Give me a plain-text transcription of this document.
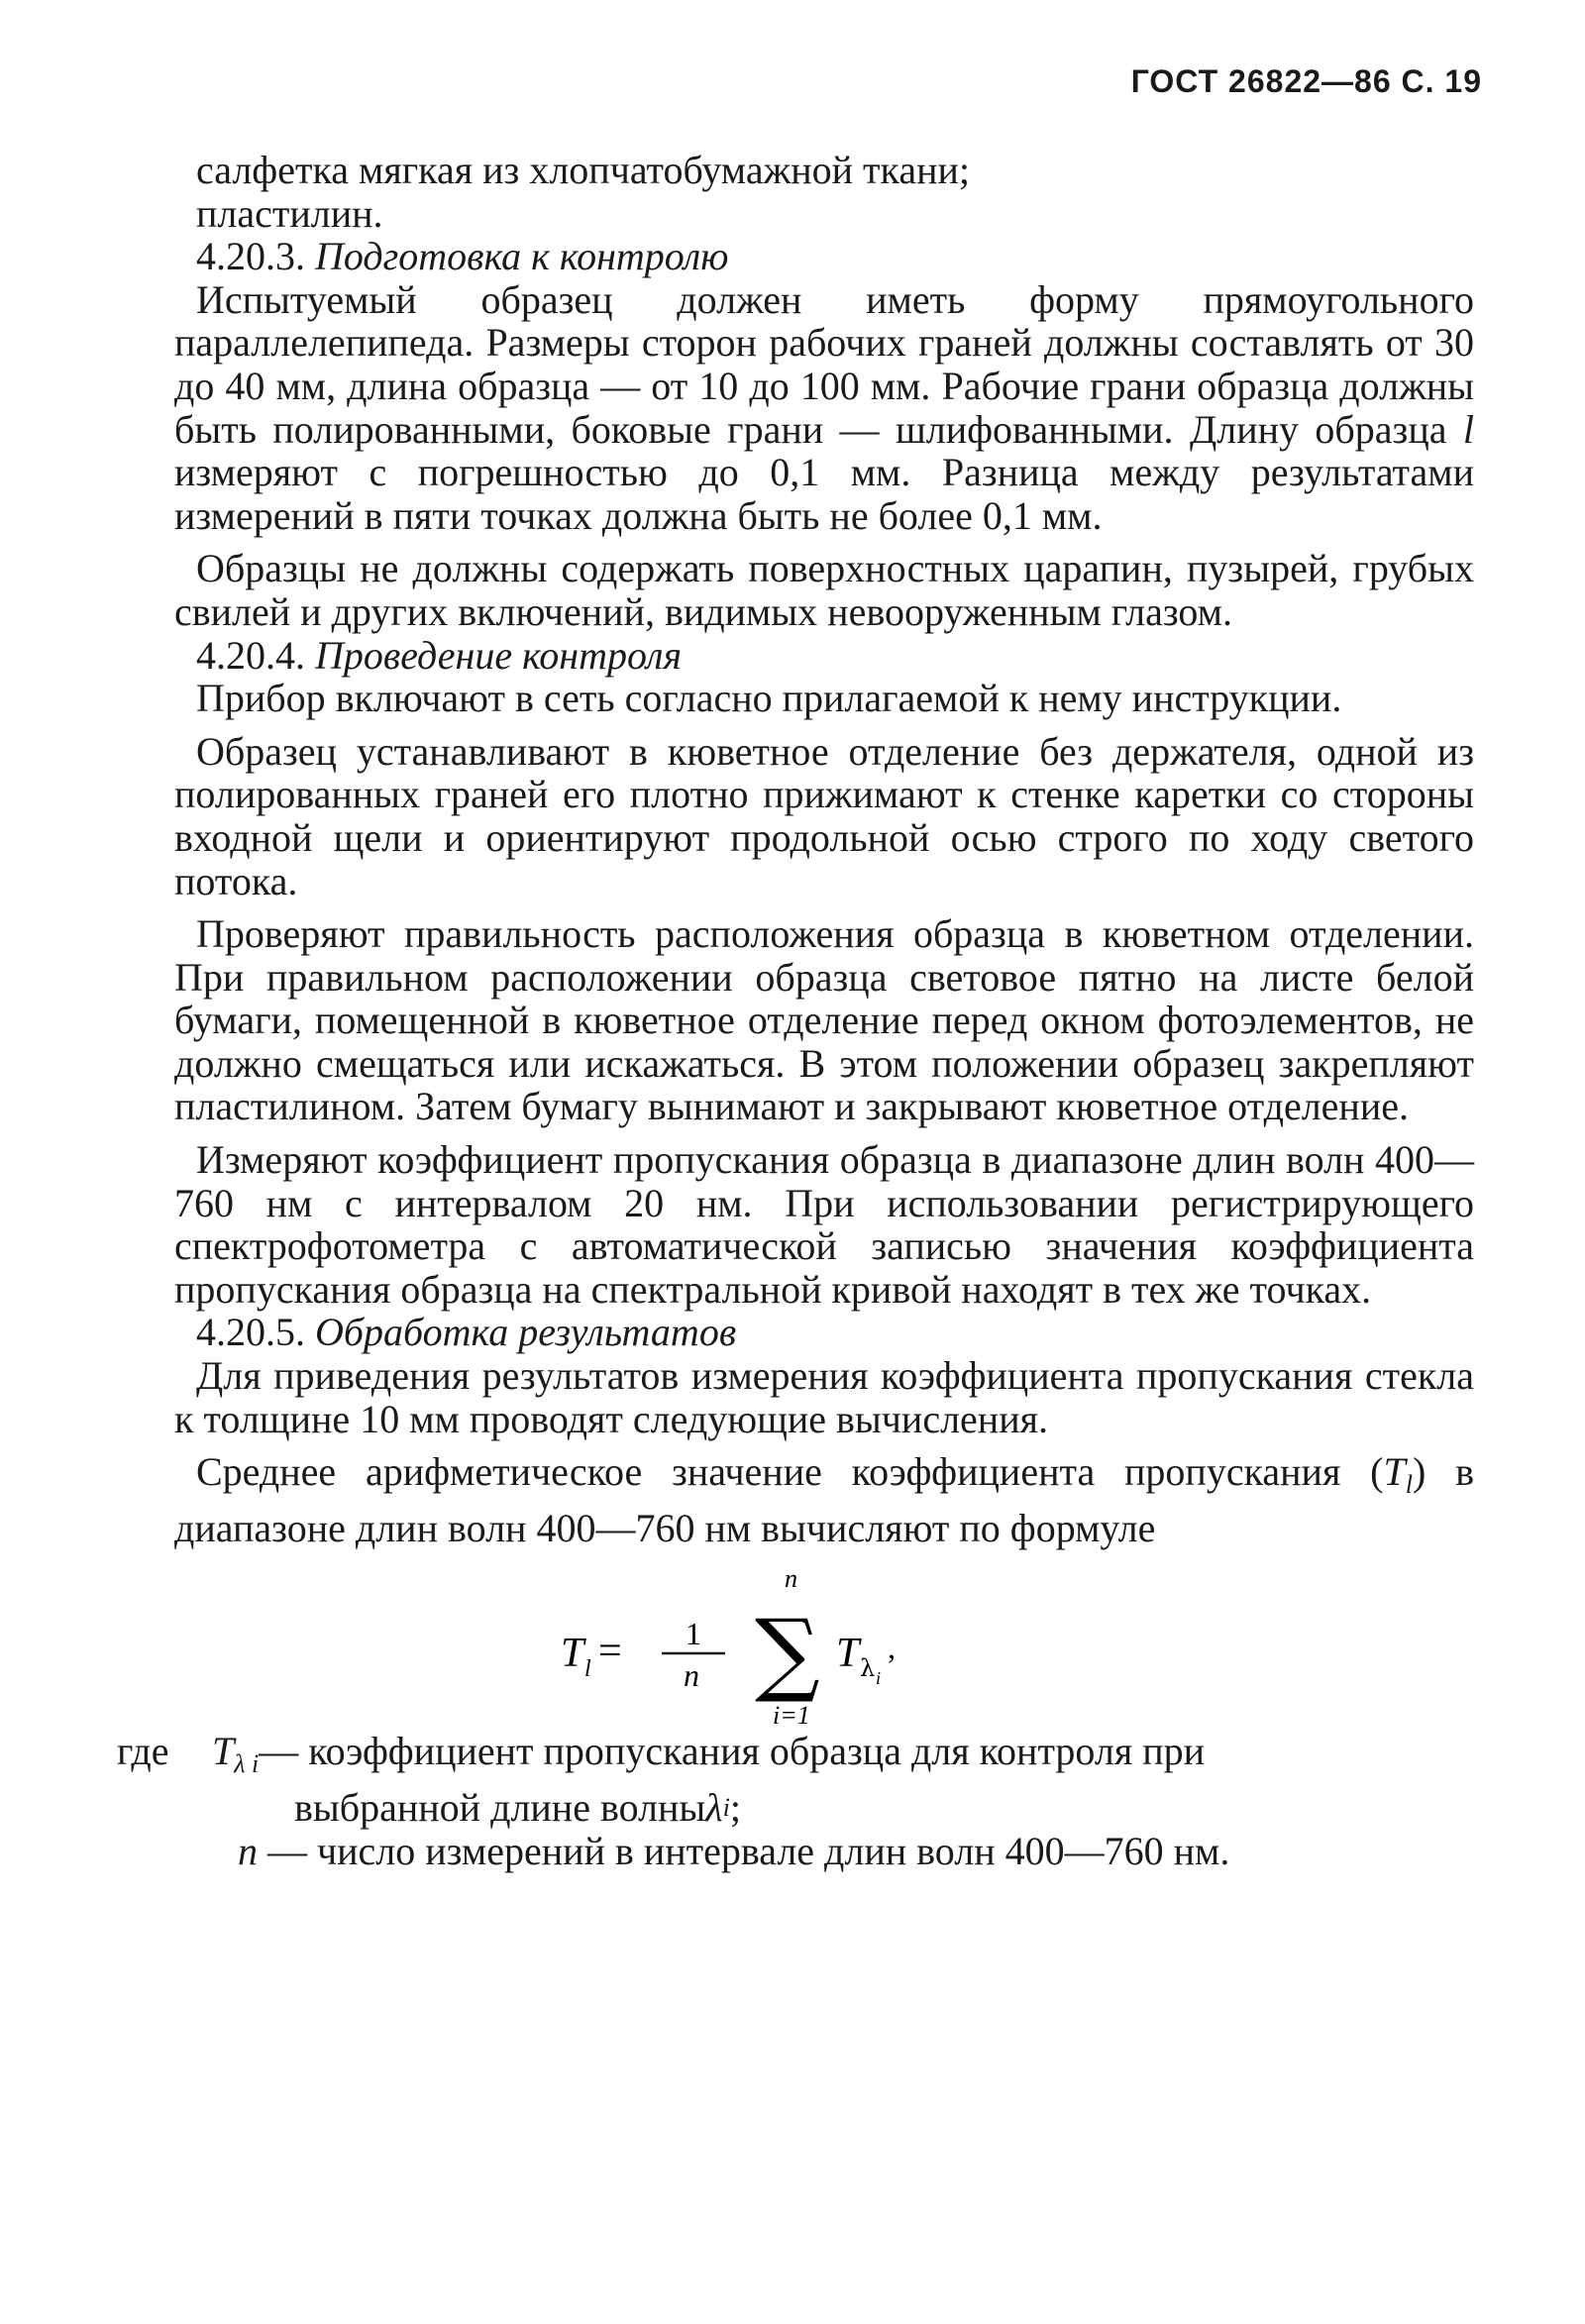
ГОСТ 26822—86 С. 19

салфетка мягкая из хлопчатобумажной ткани;

пластилин.

4.20.3. Подготовка к контролю

Испытуемый образец должен иметь форму прямоугольного параллелепипеда. Размеры сторон рабочих граней должны составлять от 30 до 40 мм, длина образца — от 10 до 100 мм. Рабочие грани образца должны быть полированными, боковые грани — шлифованными. Длину образца l измеряют с погрешностью до 0,1 мм. Разница между результатами измерений в пяти точках должна быть не более 0,1 мм.

Образцы не должны содержать поверхностных царапин, пузырей, грубых свилей и других включений, видимых невооруженным глазом.

4.20.4. Проведение контроля

Прибор включают в сеть согласно прилагаемой к нему инструкции.

Образец устанавливают в кюветное отделение без держателя, одной из полированных граней его плотно прижимают к стенке каретки со стороны входной щели и ориентируют продольной осью строго по ходу светого потока.

Проверяют правильность расположения образца в кюветном отделении. При правильном расположении образца световое пятно на листе белой бумаги, помещенной в кюветное отделение перед окном фотоэлементов, не должно смещаться или искажаться. В этом положении образец закрепляют пластилином. Затем бумагу вынимают и закрывают кюветное отделение.

Измеряют коэффициент пропускания образца в диапазоне длин волн 400—760 нм с интервалом 20 нм. При использовании регистрирующего спектрофотометра с автоматической записью значения коэффициента пропускания образца на спектральной кривой находят в тех же точках.

4.20.5. Обработка результатов

Для приведения результатов измерения коэффициента пропускания стекла к толщине 10 мм проводят следующие вычисления.

Среднее арифметическое значение коэффициента пропускания $(T_l)$ в диапазоне длин волн 400—760 нм вычисляют по формуле

T l = 1
n
n
∑
i=1
T λ i
,
где	$T_{\lambda i}$ — коэффициент пропускания образца для контроля при
выбранной длине волны λ i ;
n
— число измерений в интервале длин волн 400—760 нм.
